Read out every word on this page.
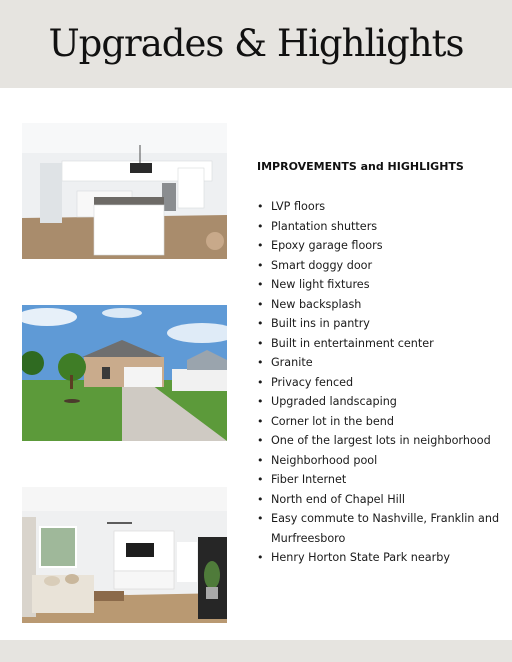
Upgrades & Highlights
IMPROVEMENTS and HIGHLIGHTS
• LVP floors
• Plantation shutters
• Epoxy garage floors
• Smart doggy door
• New light fixtures
• New backsplash
• Built ins in pantry
• Built in entertainment center
• Granite
• Privacy fenced
• Upgraded landscaping
• Corner lot in the bend
• One of the largest lots in neighborhood
• Neighborhood pool
• Fiber Internet
• North end of Chapel Hill
• Easy commute to Nashville, Franklin and Murfreesboro
• Henry Horton State Park nearby
